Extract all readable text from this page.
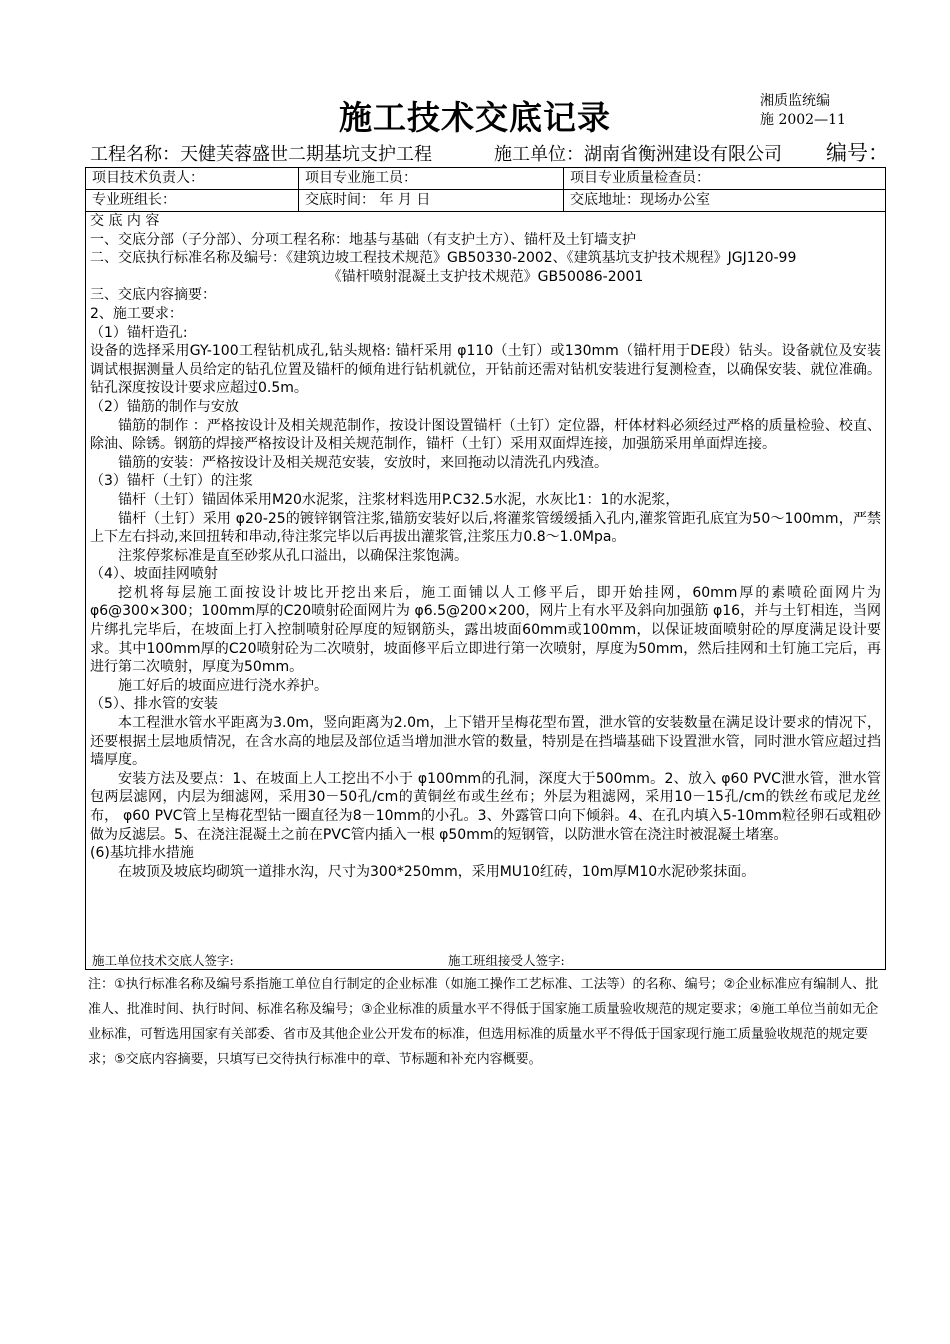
施工技术交底记录	湘质监统编
施 2002—11
工程名称：天健芙蓉盛世二期基坑支护工程	施工单位：湖南省衡洲建设有限公司 编号：
项目技术负责人：	项目专业施工员：	项目专业质量检查员：
专业班组长：	交底时间： 年 月 日	交底地址：现场办公室

交 底 内 容

一、交底分部（子分部）、分项工程名称：地基与基础（有支护土方）、锚杆及土钉墙支护

二、交底执行标准名称及编号：《建筑边坡工程技术规范》GB50330-2002、《建筑基坑支护技术规程》JGJ120-99

《锚杆喷射混凝土支护技术规范》GB50086-2001

三、交底内容摘要：

2、施工要求：

（1）锚杆造孔:

设备的选择采用GY-100工程钻机成孔,钻头规格: 锚杆采用 φ110（土钉）或130mm（锚杆用于DE段）钻头。设备就位及安装调试根据测量人员给定的钻孔位置及锚杆的倾角进行钻机就位，开钻前还需对钻机安装进行复测检查，以确保安装、就位准确。钻孔深度按设计要求应超过0.5m。

（2）锚筋的制作与安放

锚筋的制作 ：严格按设计及相关规范制作，按设计图设置锚杆（土钉）定位器，杆体材料必须经过严格的质量检验、校直、除油、除锈。钢筋的焊接严格按设计及相关规范制作，锚杆（土钉）采用双面焊连接，加强筋采用单面焊连接。

锚筋的安装：严格按设计及相关规范安装，安放时，来回拖动以清洗孔内残渣。

（3）锚杆（土钉）的注浆

锚杆（土钉）锚固体采用M20水泥浆，注浆材料选用P.C32.5水泥，水灰比1：1的水泥浆，

锚杆（土钉）采用 φ20-25的镀锌钢管注浆,锚筋安装好以后,将灌浆管缓缓插入孔内,灌浆管距孔底宜为50～100mm，严禁上下左右抖动,来回扭转和串动,待注浆完毕以后再拔出灌浆管,注浆压力0.8～1.0Mpa。

注浆停浆标准是直至砂浆从孔口溢出，以确保注浆饱满。

（4）、坡面挂网喷射

挖机将每层施工面按设计坡比开挖出来后，施工面铺以人工修平后，即开始挂网，60mm厚的素喷砼面网片为 φ6@300×300；100mm厚的C20喷射砼面网片为 φ6.5@200×200，网片上有水平及斜向加强筋 φ16，并与土钉相连，当网片绑扎完毕后，在坡面上打入控制喷射砼厚度的短钢筋头，露出坡面60mm或100mm，以保证坡面喷射砼的厚度满足设计要求。其中100mm厚的C20喷射砼为二次喷射，坡面修平后立即进行第一次喷射，厚度为50mm，然后挂网和土钉施工完后，再进行第二次喷射，厚度为50mm。

施工好后的坡面应进行浇水养护。

（5）、排水管的安装

本工程泄水管水平距离为3.0m，竖向距离为2.0m，上下错开呈梅花型布置，泄水管的安装数量在满足设计要求的情况下，还要根据土层地质情况，在含水高的地层及部位适当增加泄水管的数量，特别是在挡墙基础下设置泄水管，同时泄水管应超过挡墙厚度。

安装方法及要点：1、在坡面上人工挖出不小于 φ100mm的孔洞，深度大于500mm。2、放入 φ60 PVC泄水管，泄水管包两层滤网，内层为细滤网，采用30－50孔/cm的黄铜丝布或生丝布；外层为粗滤网，采用10－15孔/cm的铁丝布或尼龙丝布， φ60 PVC管上呈梅花型钻一圈直径为8－10mm的小孔。3、外露管口向下倾斜。4、在孔内填入5-10mm粒径卵石或粗砂做为反滤层。5、在浇注混凝土之前在PVC管内插入一根 φ50mm的短钢管，以防泄水管在浇注时被混凝土堵塞。

(6)基坑排水措施

在坡顶及坡底均砌筑一道排水沟，尺寸为300*250mm，采用MU10红砖，10m厚M10水泥砂浆抹面。

施工单位技术交底人签字:	施工班组接受人签字:

注：①执行标准名称及编号系指施工单位自行制定的企业标准（如施工操作工艺标准、工法等）的名称、编号；②企业标准应有编制人、批准人、批准时间、执行时间、标准名称及编号；③企业标准的质量水平不得低于国家施工质量验收规范的规定要求；④施工单位当前如无企业标准，可暂选用国家有关部委、省市及其他企业公开发布的标准，但选用标准的质量水平不得低于国家现行施工质量验收规范的规定要求；⑤交底内容摘要，只填写已交待执行标准中的章、节标题和补充内容概要。
